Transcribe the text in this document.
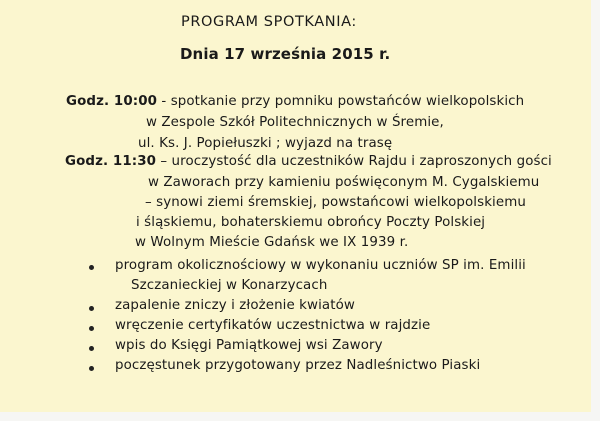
PROGRAM SPOTKANIA:
Dnia 17 września 2015 r.
Godz. 10:00 - spotkanie przy pomniku powstańców wielkopolskich
w Zespole Szkół Politechnicznych w Śremie,
ul. Ks. J. Popiełuszki ; wyjazd na trasę
Godz. 11:30 – uroczystość dla uczestników Rajdu i zaproszonych gości
w Zaworach przy kamieniu poświęconym M. Cygalskiemu
– synowi ziemi śremskiej, powstańcowi wielkopolskiemu
i śląskiemu, bohaterskiemu obrońcy Poczty Polskiej
w Wolnym Mieście Gdańsk we IX 1939 r.
program okolicznościowy w wykonaniu uczniów SP im. Emilii
Szczanieckiej w Konarzycach
zapalenie zniczy i złożenie kwiatów
wręczenie certyfikatów uczestnictwa w rajdzie
wpis do Księgi Pamiątkowej wsi Zawory
poczęstunek przygotowany przez Nadleśnictwo Piaski
